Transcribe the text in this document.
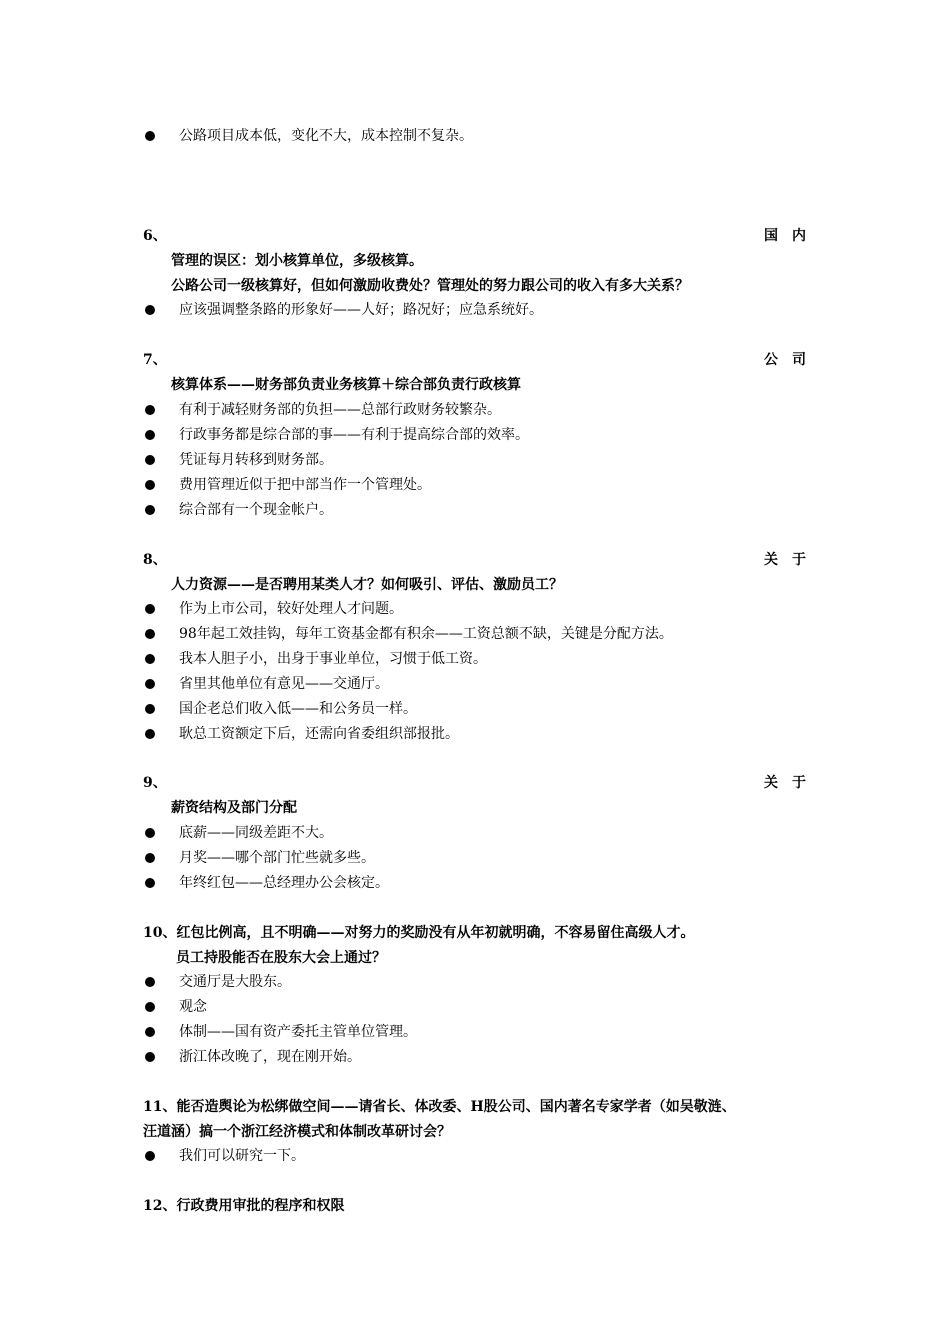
公路项目成本低，变化不大，成本控制不复杂。
6、	国内
管理的误区：划小核算单位，多级核算。
公路公司一级核算好，但如何激励收费处？管理处的努力跟公司的收入有多大关系？
应该强调整条路的形象好——人好；路况好；应急系统好。
7、	公司
核算体系——财务部负责业务核算＋综合部负责行政核算
有利于减轻财务部的负担——总部行政财务较繁杂。
行政事务都是综合部的事——有利于提高综合部的效率。
凭证每月转移到财务部。
费用管理近似于把中部当作一个管理处。
综合部有一个现金帐户。
8、	关于
人力资源——是否聘用某类人才？如何吸引、评估、激励员工？
作为上市公司，较好处理人才问题。
98年起工效挂钩，每年工资基金都有积余——工资总额不缺，关键是分配方法。
我本人胆子小，出身于事业单位，习惯于低工资。
省里其他单位有意见——交通厅。
国企老总们收入低——和公务员一样。
耿总工资额定下后，还需向省委组织部报批。
9、	关于
薪资结构及部门分配
底薪——同级差距不大。
月奖——哪个部门忙些就多些。
年终红包——总经理办公会核定。
10、红包比例高，且不明确——对努力的奖励没有从年初就明确，不容易留住高级人才。
员工持股能否在股东大会上通过？
交通厅是大股东。
观念
体制——国有资产委托主管单位管理。
浙江体改晚了，现在刚开始。
11、能否造舆论为松绑做空间——请省长、体改委、H股公司、国内著名专家学者（如吴敬涟、
汪道涵）搞一个浙江经济模式和体制改革研讨会？
我们可以研究一下。
12、行政费用审批的程序和权限
